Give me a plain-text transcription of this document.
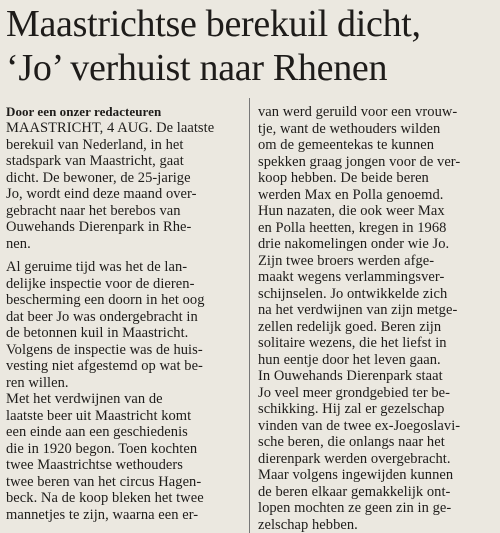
Maastrichtse berekuil dicht,
‘Jo’ verhuist naar Rhenen
Door een onzer redacteuren
MAASTRICHT, 4 AUG. De laatste
berekuil van Nederland, in het
stadspark van Maastricht, gaat
dicht. De bewoner, de 25-jarige
Jo, wordt eind deze maand over-
gebracht naar het berebos van
Ouwehands Dierenpark in Rhe-
nen.
Al geruime tijd was het de lan-
delijke inspectie voor de dieren-
bescherming een doorn in het oog
dat beer Jo was ondergebracht in
de betonnen kuil in Maastricht.
Volgens de inspectie was de huis-
vesting niet afgestemd op wat be-
ren willen.
Met het verdwijnen van de
laatste beer uit Maastricht komt
een einde aan een geschiedenis
die in 1920 begon. Toen kochten
twee Maastrichtse wethouders
twee beren van het circus Hagen-
beck. Na de koop bleken het twee
mannetjes te zijn, waarna een er-
van werd geruild voor een vrouw-
tje, want de wethouders wilden
om de gemeentekas te kunnen
spekken graag jongen voor de ver-
koop hebben. De beide beren
werden Max en Polla genoemd.
Hun nazaten, die ook weer Max
en Polla heetten, kregen in 1968
drie nakomelingen onder wie Jo.
Zijn twee broers werden afge-
maakt wegens verlammingsver-
schijnselen. Jo ontwikkelde zich
na het verdwijnen van zijn metge-
zellen redelijk goed. Beren zijn
solitaire wezens, die het liefst in
hun eentje door het leven gaan.
In Ouwehands Dierenpark staat
Jo veel meer grondgebied ter be-
schikking. Hij zal er gezelschap
vinden van de twee ex-Joegoslavi-
sche beren, die onlangs naar het
dierenpark werden overgebracht.
Maar volgens ingewijden kunnen
de beren elkaar gemakkelijk ont-
lopen mochten ze geen zin in ge-
zelschap hebben.
